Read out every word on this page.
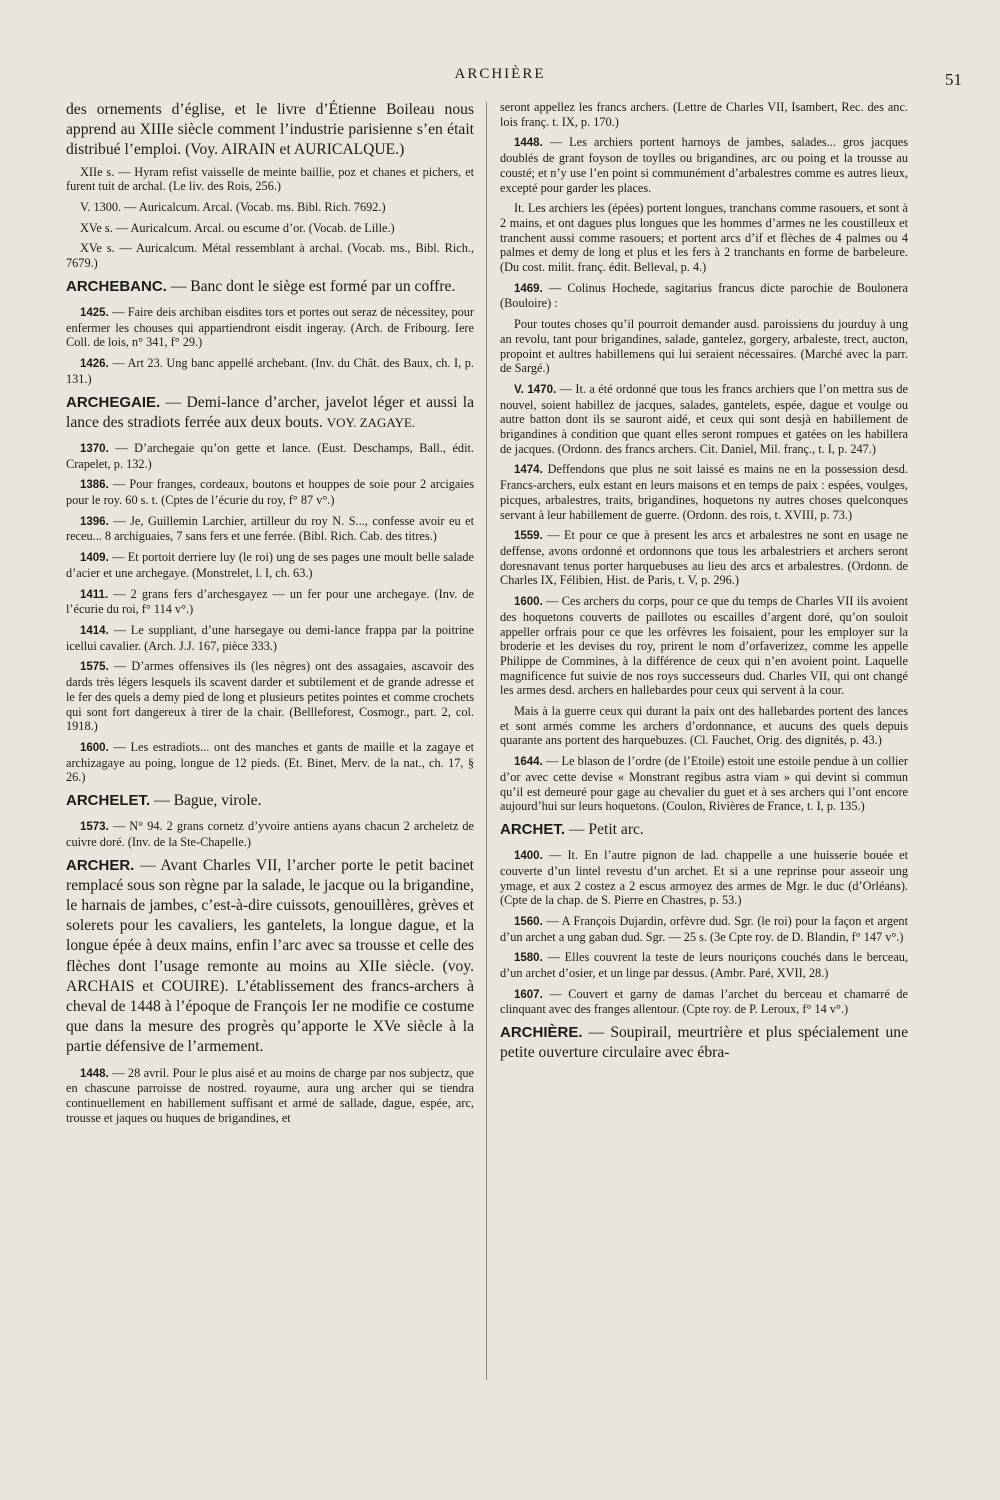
ARCHIÈRE	51

des ornements d’église, et le livre d’Étienne Boileau nous apprend au XIIIe siècle comment l’industrie parisienne s’en était distribué l’emploi. (Voy. AIRAIN et AURICALQUE.)

XIIe s. — Hyram refist vaisselle de meinte baillie, poz et chanes et pichers, et furent tuit de archal. (Le liv. des Rois, 256.)

V. 1300. — Auricalcum. Arcal. (Vocab. ms. Bibl. Rich. 7692.)

XVe s. — Auricalcum. Arcal. ou escume d’or. (Vocab. de Lille.)

XVe s. — Auricalcum. Métal ressemblant à archal. (Vocab. ms., Bibl. Rich., 7679.)

ARCHEBANC. — Banc dont le siège est formé par un coffre.

1425. — Faire deis archiban eisdites tors et portes out seraz de nécessitey, pour enfermer les chouses qui appartiendront eisdit ingeray. (Arch. de Fribourg. Iere Coll. de lois, n° 341, f° 29.)

1426. — Art 23. Ung banc appellé archebant. (Inv. du Chât. des Baux, ch. I, p. 131.)

ARCHEGAIE. — Demi-lance d’archer, javelot léger et aussi la lance des stradiots ferrée aux deux bouts. VOY. ZAGAYE.

1370. — D’archegaie qu’on gette et lance. (Eust. Deschamps, Ball., édit. Crapelet, p. 132.)

1386. — Pour franges, cordeaux, boutons et houppes de soie pour 2 arcigaies pour le roy. 60 s. t. (Cptes de l’écurie du roy, f° 87 v°.)

1396. — Je, Guillemin Larchier, artilleur du roy N. S..., confesse avoir eu et receu... 8 archiguaies, 7 sans fers et une ferrée. (Bibl. Rich. Cab. des titres.)

1409. — Et portoit derriere luy (le roi) ung de ses pages une moult belle salade d’acier et une archegaye. (Monstrelet, l. I, ch. 63.)

1411. — 2 grans fers d’archesgayez — un fer pour une archegaye. (Inv. de l’écurie du roi, f° 114 v°.)

1414. — Le suppliant, d’une harsegaye ou demi-lance frappa par la poitrine icellui cavalier. (Arch. J.J. 167, pièce 333.)

1575. — D’armes offensives ils (les nègres) ont des assagaies, ascavoir des dards très légers lesquels ils scavent darder et subtilement et de grande adresse et le fer des quels a demy pied de long et plusieurs petites pointes et comme crochets qui sont fort dangereux à tirer de la chair. (Bellleforest, Cosmogr., part. 2, col. 1918.)

1600. — Les estradiots... ont des manches et gants de maille et la zagaye et archizagaye au poing, longue de 12 pieds. (Et. Binet, Merv. de la nat., ch. 17, § 26.)

ARCHELET. — Bague, virole.

1573. — N° 94. 2 grans cornetz d’yvoire antiens ayans chacun 2 archeletz de cuivre doré. (Inv. de la Ste-Chapelle.)

ARCHER. — Avant Charles VII, l’archer porte le petit bacinet remplacé sous son règne par la salade, le jacque ou la brigandine, le harnais de jambes, c’est-à-dire cuissots, genouillères, grèves et solerets pour les cavaliers, les gantelets, la longue dague, et la longue épée à deux mains, enfin l’arc avec sa trousse et celle des flèches dont l’usage remonte au moins au XIIe siècle. (voy. ARCHAIS et COUIRE). L’établissement des francs-archers à cheval de 1448 à l’époque de François Ier ne modifie ce costume que dans la mesure des progrès qu’apporte le XVe siècle à la partie défensive de l’armement.

1448. — 28 avril. Pour le plus aisé et au moins de charge par nos subjectz, que en chascune parroisse de nostred. royaume, aura ung archer qui se tiendra continuellement en habillement suffisant et armé de sallade, dague, espée, arc, trousse et jaques ou huques de brigandines, et

seront appellez les francs archers. (Lettre de Charles VII, Isambert, Rec. des anc. lois franç. t. IX, p. 170.)

1448. — Les archiers portent harnoys de jambes, salades... gros jacques doublés de grant foyson de toylles ou brigandines, arc ou poing et la trousse au cousté; et n’y use l’en point si communément d’arbalestres comme es autres lieux, excepté pour garder les places.

It. Les archiers les (épées) portent longues, tranchans comme rasouers, et sont à 2 mains, et ont dagues plus longues que les hommes d’armes ne les coustilleux et tranchent aussi comme rasouers; et portent arcs d’if et flèches de 4 palmes ou 4 palmes et demy de long et plus et les fers à 2 tranchants en forme de barbeleure. (Du cost. milit. franç. édit. Belleval, p. 4.)

1469. — Colinus Hochede, sagitarius francus dicte parochie de Boulonera (Bouloire) :

Pour toutes choses qu’il pourroit demander ausd. paroissiens du jourduy à ung an revolu, tant pour brigandines, salade, gantelez, gorgery, arbaleste, trect, aucton, propoint et aultres habillemens qui lui seraient nécessaires. (Marché avec la parr. de Sargé.)

V. 1470. — It. a été ordonné que tous les francs archiers que l’on mettra sus de nouvel, soient habillez de jacques, salades, gantelets, espée, dague et voulge ou autre batton dont ils se sauront aidé, et ceux qui sont desjà en habillement de brigandines à condition que quant elles seront rompues et gatées on les habillera de jacques. (Ordonn. des francs archers. Cit. Daniel, Mil. franç., t. I, p. 247.)

1474. Deffendons que plus ne soit laissé es mains ne en la possession desd. Francs-archers, eulx estant en leurs maisons et en temps de paix : espées, voulges, picques, arbalestres, traits, brigandines, hoquetons ny autres choses quelconques servant à leur habillement de guerre. (Ordonn. des rois, t. XVIII, p. 73.)

1559. — Et pour ce que à present les arcs et arbalestres ne sont en usage ne deffense, avons ordonné et ordonnons que tous les arbalestriers et archers seront doresnavant tenus porter harquebuses au lieu des arcs et arbalestres. (Ordonn. de Charles IX, Félibien, Hist. de Paris, t. V, p. 296.)

1600. — Ces archers du corps, pour ce que du temps de Charles VII ils avoient des hoquetons couverts de paillotes ou escailles d’argent doré, qu’on souloit appeller orfrais pour ce que les orfèvres les foisaient, pour les employer sur la broderie et les devises du roy, prirent le nom d’orfaverizez, comme les appelle Philippe de Commines, à la différence de ceux qui n’en avoient point. Laquelle magnificence fut suivie de nos roys successeurs dud. Charles VII, qui ont changé les armes desd. archers en hallebardes pour ceux qui servent à la cour.

Mais à la guerre ceux qui durant la paix ont des hallebardes portent des lances et sont armés comme les archers d’ordonnance, et aucuns des quels depuis quarante ans portent des harquebuzes. (Cl. Fauchet, Orig. des dignités, p. 43.)

1644. — Le blason de l’ordre (de l’Etoile) estoit une estoile pendue à un collier d’or avec cette devise « Monstrant regibus astra viam » qui devint si commun qu’il est demeuré pour gage au chevalier du guet et à ses archers qui l’ont encore aujourd’hui sur leurs hoquetons. (Coulon, Rivières de France, t. I, p. 135.)

ARCHET. — Petit arc.

1400. — It. En l’autre pignon de lad. chappelle a une huisserie bouée et couverte d’un lintel revestu d’un archet. Et si a une reprinse pour asseoir ung ymage, et aux 2 costez a 2 escus armoyez des armes de Mgr. le duc (d’Orléans). (Cpte de la chap. de S. Pierre en Chastres, p. 53.)

1560. — A François Dujardin, orfèvre dud. Sgr. (le roi) pour la façon et argent d’un archet a ung gaban dud. Sgr. — 25 s. (3e Cpte roy. de D. Blandin, f° 147 v°.)

1580. — Elles couvrent la teste de leurs nouriçons couchés dans le berceau, d’un archet d’osier, et un linge par dessus. (Ambr. Paré, XVII, 28.)

1607. — Couvert et garny de damas l’archet du berceau et chamarré de clinquant avec des franges allentour. (Cpte roy. de P. Leroux, f° 14 v°.)

ARCHIÈRE. — Soupirail, meurtrière et plus spécialement une petite ouverture circulaire avec ébra-
